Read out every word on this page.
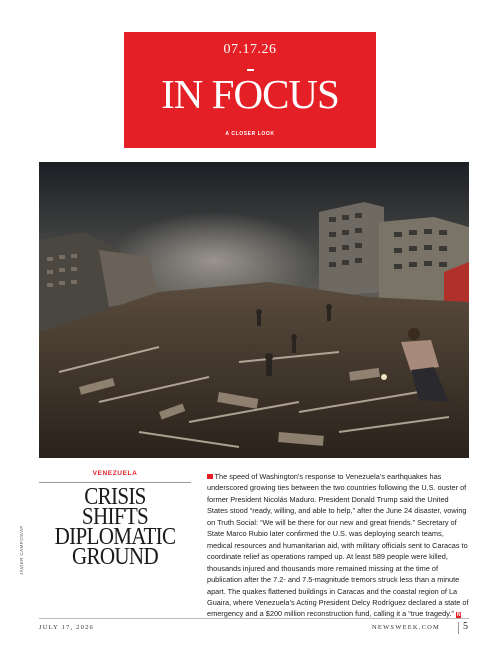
07.17.26
IN FOCUS
A CLOSER LOOK
JAVIER CAMPOS/AP
VENEZUELA
CRISIS
SHIFTS
DIPLOMATIC
GROUND

The speed of Washington’s response to Venezuela’s earthquakes has underscored growing ties between the two countries following the U.S. ouster of former President Nicolás Maduro. President Donald Trump said the United States stood “ready, willing, and able to help,” after the June 24 disaster, vowing on Truth Social: “We will be there for our new and great friends.” Secretary of State Marco Rubio later confirmed the U.S. was deploying search teams, medical resources and humanitarian aid, with military officials sent to Caracas to coordinate relief as operations ramped up. At least 589 people were killed, thousands injured and thousands more remained missing at the time of publication after the 7.2- and 7.5-magnitude tremors struck less than a minute apart. The quakes flattened buildings in Caracas and the coastal region of La Guaira, where Venezuela’s Acting President Delcy Rodríguez declared a state of emergency and a $200 million reconstruction fund, calling it a “true tragedy.” N

JULY 17, 2026	NEWSWEEK.COM 5
